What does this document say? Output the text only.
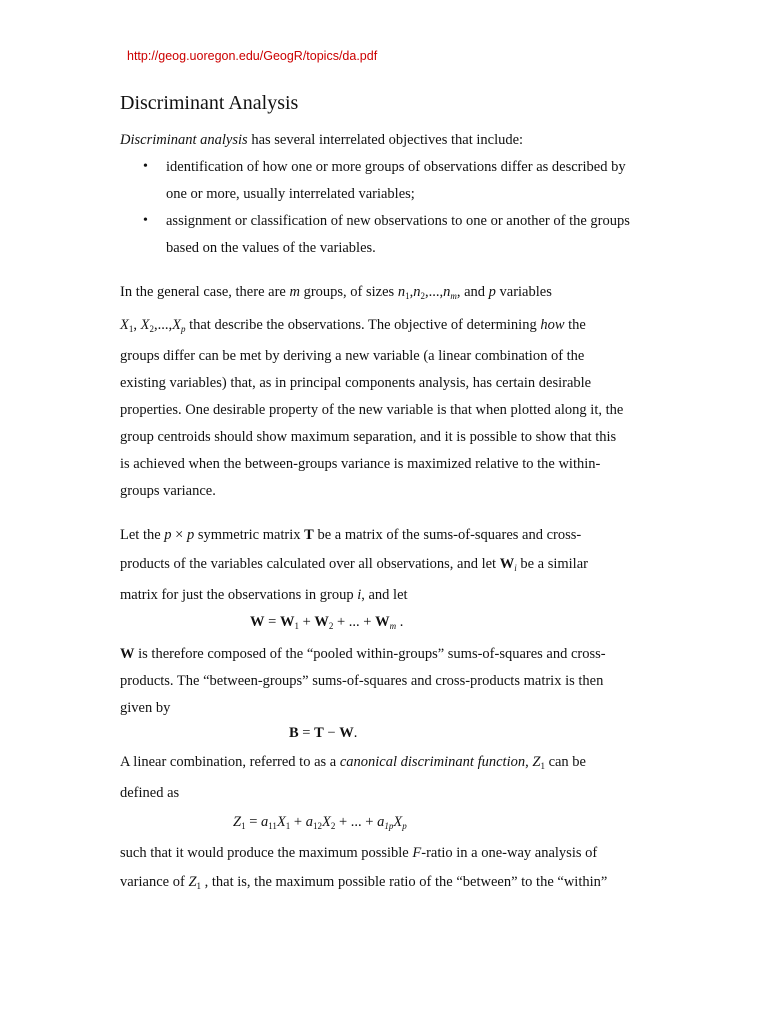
http://geog.uoregon.edu/GeogR/topics/da.pdf
Discriminant Analysis

Discriminant analysis has several interrelated objectives that include:

• identification of how one or more groups of observations differ as described by

one or more, usually interrelated variables;

• assignment or classification of new observations to one or another of the groups

based on the values of the variables.

In the general case, there are m groups, of sizes $n_1,n_2,...,n_m$, and p variables

$X_1$, $X_2,...,X_p$ that describe the observations. The objective of determining how the

groups differ can be met by deriving a new variable (a linear combination of the

existing variables) that, as in principal components analysis, has certain desirable

properties. One desirable property of the new variable is that when plotted along it, the

group centroids should show maximum separation, and it is possible to show that this

is achieved when the between-groups variance is maximized relative to the within-

groups variance.

Let the p × p symmetric matrix T be a matrix of the sums-of-squares and cross-

products of the variables calculated over all observations, and let $W_i$ be a similar

matrix for just the observations in group i, and let

$W = W_1 + W_2$ + ... + $W_m$ .

W is therefore composed of the “pooled within-groups” sums-of-squares and cross-

products. The “between-groups” sums-of-squares and cross-products matrix is then

given by

B = T − W.

A linear combination, referred to as a canonical discriminant function, $Z_1$ can be

defined as

$Z_1 = a_{11}X_1 + a_{12}X_2$ + ... + $a_{1p}X_p$

such that it would produce the maximum possible F-ratio in a one-way analysis of

variance of $Z_1$ , that is, the maximum possible ratio of the “between” to the “within”
